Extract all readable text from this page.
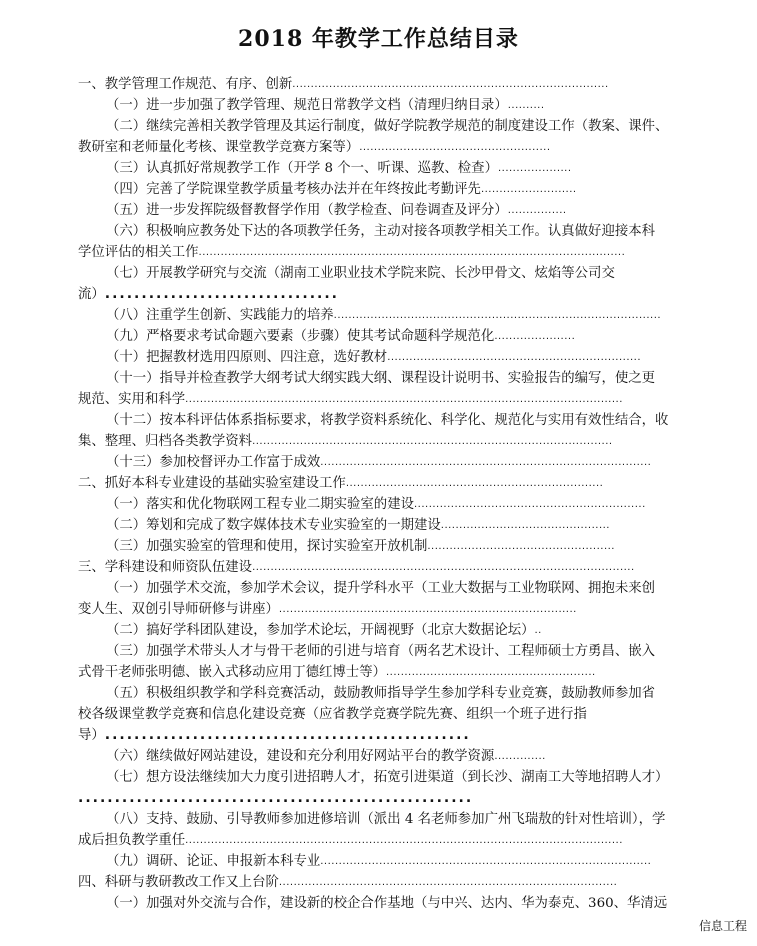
2018 年教学工作总结目录
一、教学管理工作规范、有序、创新......................................................................................
（一）进一步加强了教学管理、规范日常教学文档（清理归纳目录）..........
（二）继续完善相关教学管理及其运行制度，做好学院教学规范的制度建设工作（教案、课件、
教研室和老师量化考核、课堂教学竞赛方案等）....................................................
（三）认真抓好常规教学工作（开学 8 个一、听课、巡教、检查）....................
（四）完善了学院课堂教学质量考核办法并在年终按此考勤评先..........................
（五）进一步发挥院级督教督学作用（教学检查、问卷调查及评分）................
（六）积极响应教务处下达的各项教学任务，主动对接各项教学相关工作。认真做好迎接本科
学位评估的相关工作....................................................................................................................
（七）开展教学研究与交流（湖南工业职业技术学院来院、长沙甲骨文、炫焰等公司交
流）................................
（八）注重学生创新、实践能力的培养.........................................................................................
（九）严格要求考试命题六要素（步骤）使其考试命题科学规范化......................
（十）把握教材选用四原则、四注意，选好教材.....................................................................
（十一）指导并检查教学大纲考试大纲实践大纲、课程设计说明书、实验报告的编写，使之更
规范、实用和科学.......................................................................................................................
（十二）按本科评估体系指标要求，将教学资料系统化、科学化、规范化与实用有效性结合，收
集、整理、归档各类教学资料..................................................................................................
（十三）参加校督评办工作富于成效..........................................................................................
二、抓好本科专业建设的基础实验室建设工作......................................................................
（一）落实和优化物联网工程专业二期实验室的建设...............................................................
（二）筹划和完成了数字媒体技术专业实验室的一期建设..............................................
（三）加强实验室的管理和使用，探讨实验室开放机制...................................................
三、学科建设和师资队伍建设........................................................................................................
（一）加强学术交流，参加学术会议，提升学科水平（工业大数据与工业物联网、拥抱未来创
变人生、双创引导师研修与讲座）.................................................................................
（二）搞好学科团队建设，参加学术论坛，开阔视野（北京大数据论坛）..
（三）加强学术带头人才与骨干老师的引进与培育（两名艺术设计、工程师硕士方勇昌、嵌入
式骨干老师张明德、嵌入式移动应用丁德红博士等）.........................................................
（五）积极组织教学和学科竞赛活动，鼓励教师指导学生参加学科专业竞赛，鼓励教师参加省
校各级课堂教学竞赛和信息化建设竞赛（应省教学竞赛学院先赛、组织一个班子进行指
导）..................................................
（六）继续做好网站建设，建设和充分利用好网站平台的教学资源..............
（七）想方设法继续加大力度引进招聘人才，拓宽引进渠道（到长沙、湖南工大等地招聘人才）
......................................................
（八）支持、鼓励、引导教师参加进修培训（派出 4 名老师参加广州飞瑞敖的针对性培训），学
成后担负教学重任.......................................................................................................................
（九）调研、论证、申报新本科专业..........................................................................................
四、科研与教研教改工作又上台阶............................................................................................
（一）加强对外交流与合作，建设新的校企合作基地（与中兴、达内、华为泰克、360、华清远
信息工程
